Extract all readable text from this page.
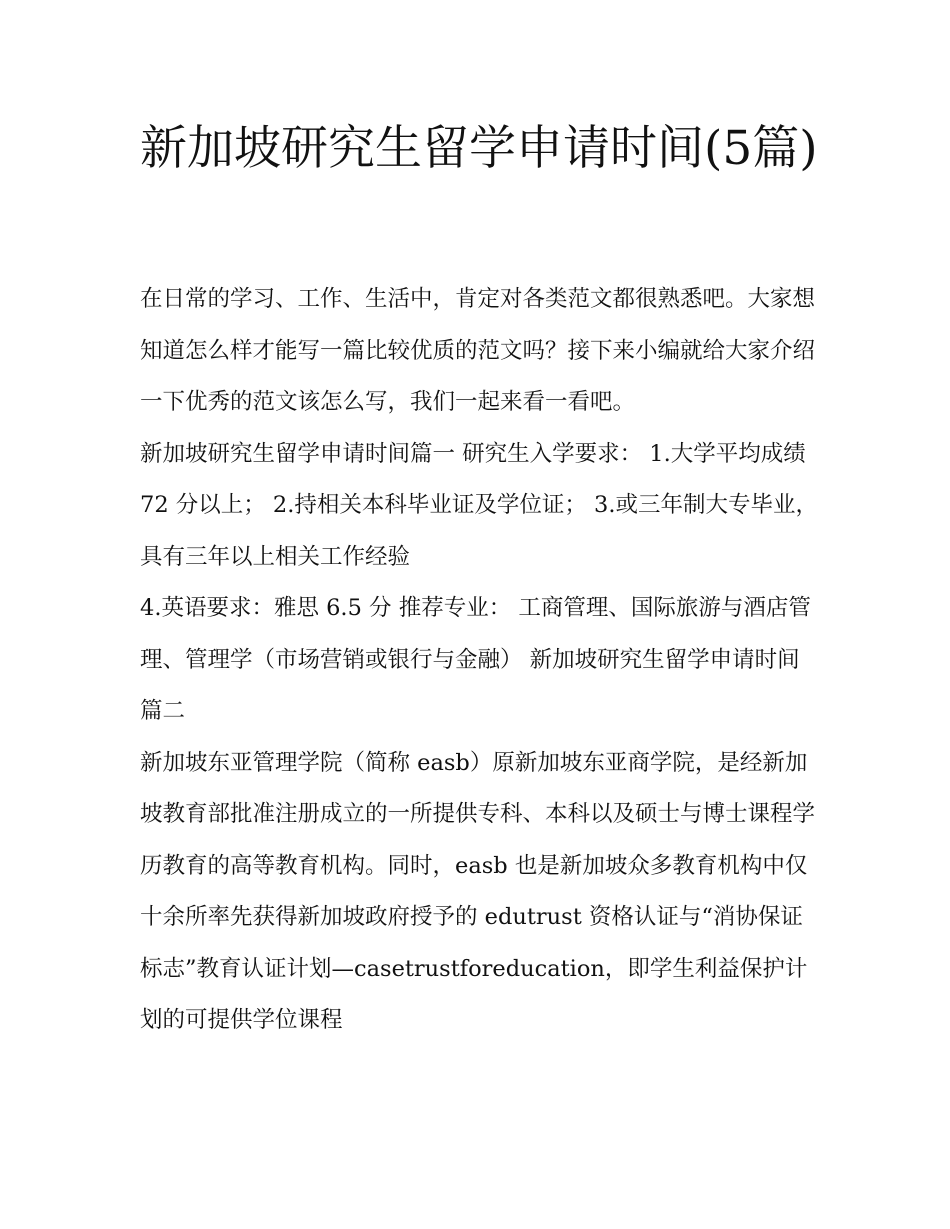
新加坡研究生留学申请时间(5篇)

在日常的学习、工作、生活中，肯定对各类范文都很熟悉吧。大家想知道怎么样才能写一篇比较优质的范文吗？接下来小编就给大家介绍一下优秀的范文该怎么写，我们一起来看一看吧。

新加坡研究生留学申请时间篇一 研究生入学要求： 1.大学平均成绩 72 分以上； 2.持相关本科毕业证及学位证； 3.或三年制大专毕业，具有三年以上相关工作经验

4.英语要求：雅思 6.5 分 推荐专业： 工商管理、国际旅游与酒店管理、管理学（市场营销或银行与金融） 新加坡研究生留学申请时间篇二

新加坡东亚管理学院（简称 easb）原新加坡东亚商学院，是经新加坡教育部批准注册成立的一所提供专科、本科以及硕士与博士课程学历教育的高等教育机构。同时，easb 也是新加坡众多教育机构中仅十余所率先获得新加坡政府授予的 edutrust 资格认证与“消协保证标志”教育认证计划—casetrustforeducation，即学生利益保护计划的可提供学位课程
